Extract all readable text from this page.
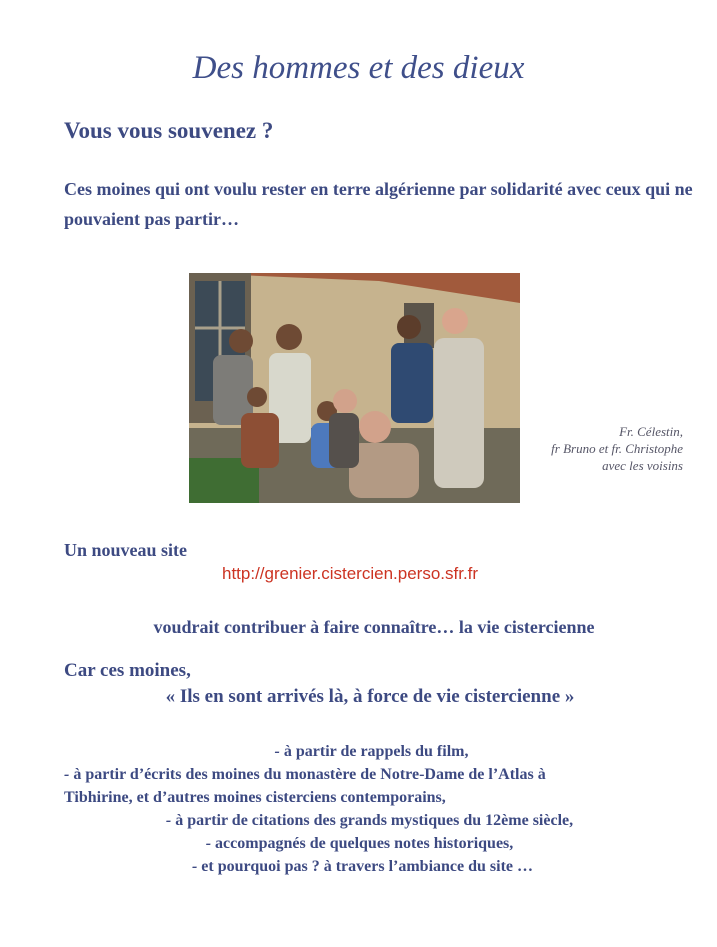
Des hommes et des dieux
Vous vous souvenez ?
Ces moines qui ont voulu rester en terre algérienne par solidarité avec ceux qui ne pouvaient pas partir…
Fr. Célestin,
fr Bruno et fr. Christophe
avec les voisins
Un nouveau site
http://grenier.cistercien.perso.sfr.fr
voudrait contribuer à faire connaître… la vie cistercienne
Car ces moines,
« Ils en sont arrivés là, à force de vie cistercienne »
- à partir de rappels du film,
- à partir d’écrits des moines du monastère de Notre-Dame de l’Atlas à
Tibhirine, et d’autres moines cisterciens contemporains,
- à partir de citations des grands mystiques du 12ème siècle,
- accompagnés de quelques notes historiques,
- et pourquoi pas ? à travers l’ambiance du site …
